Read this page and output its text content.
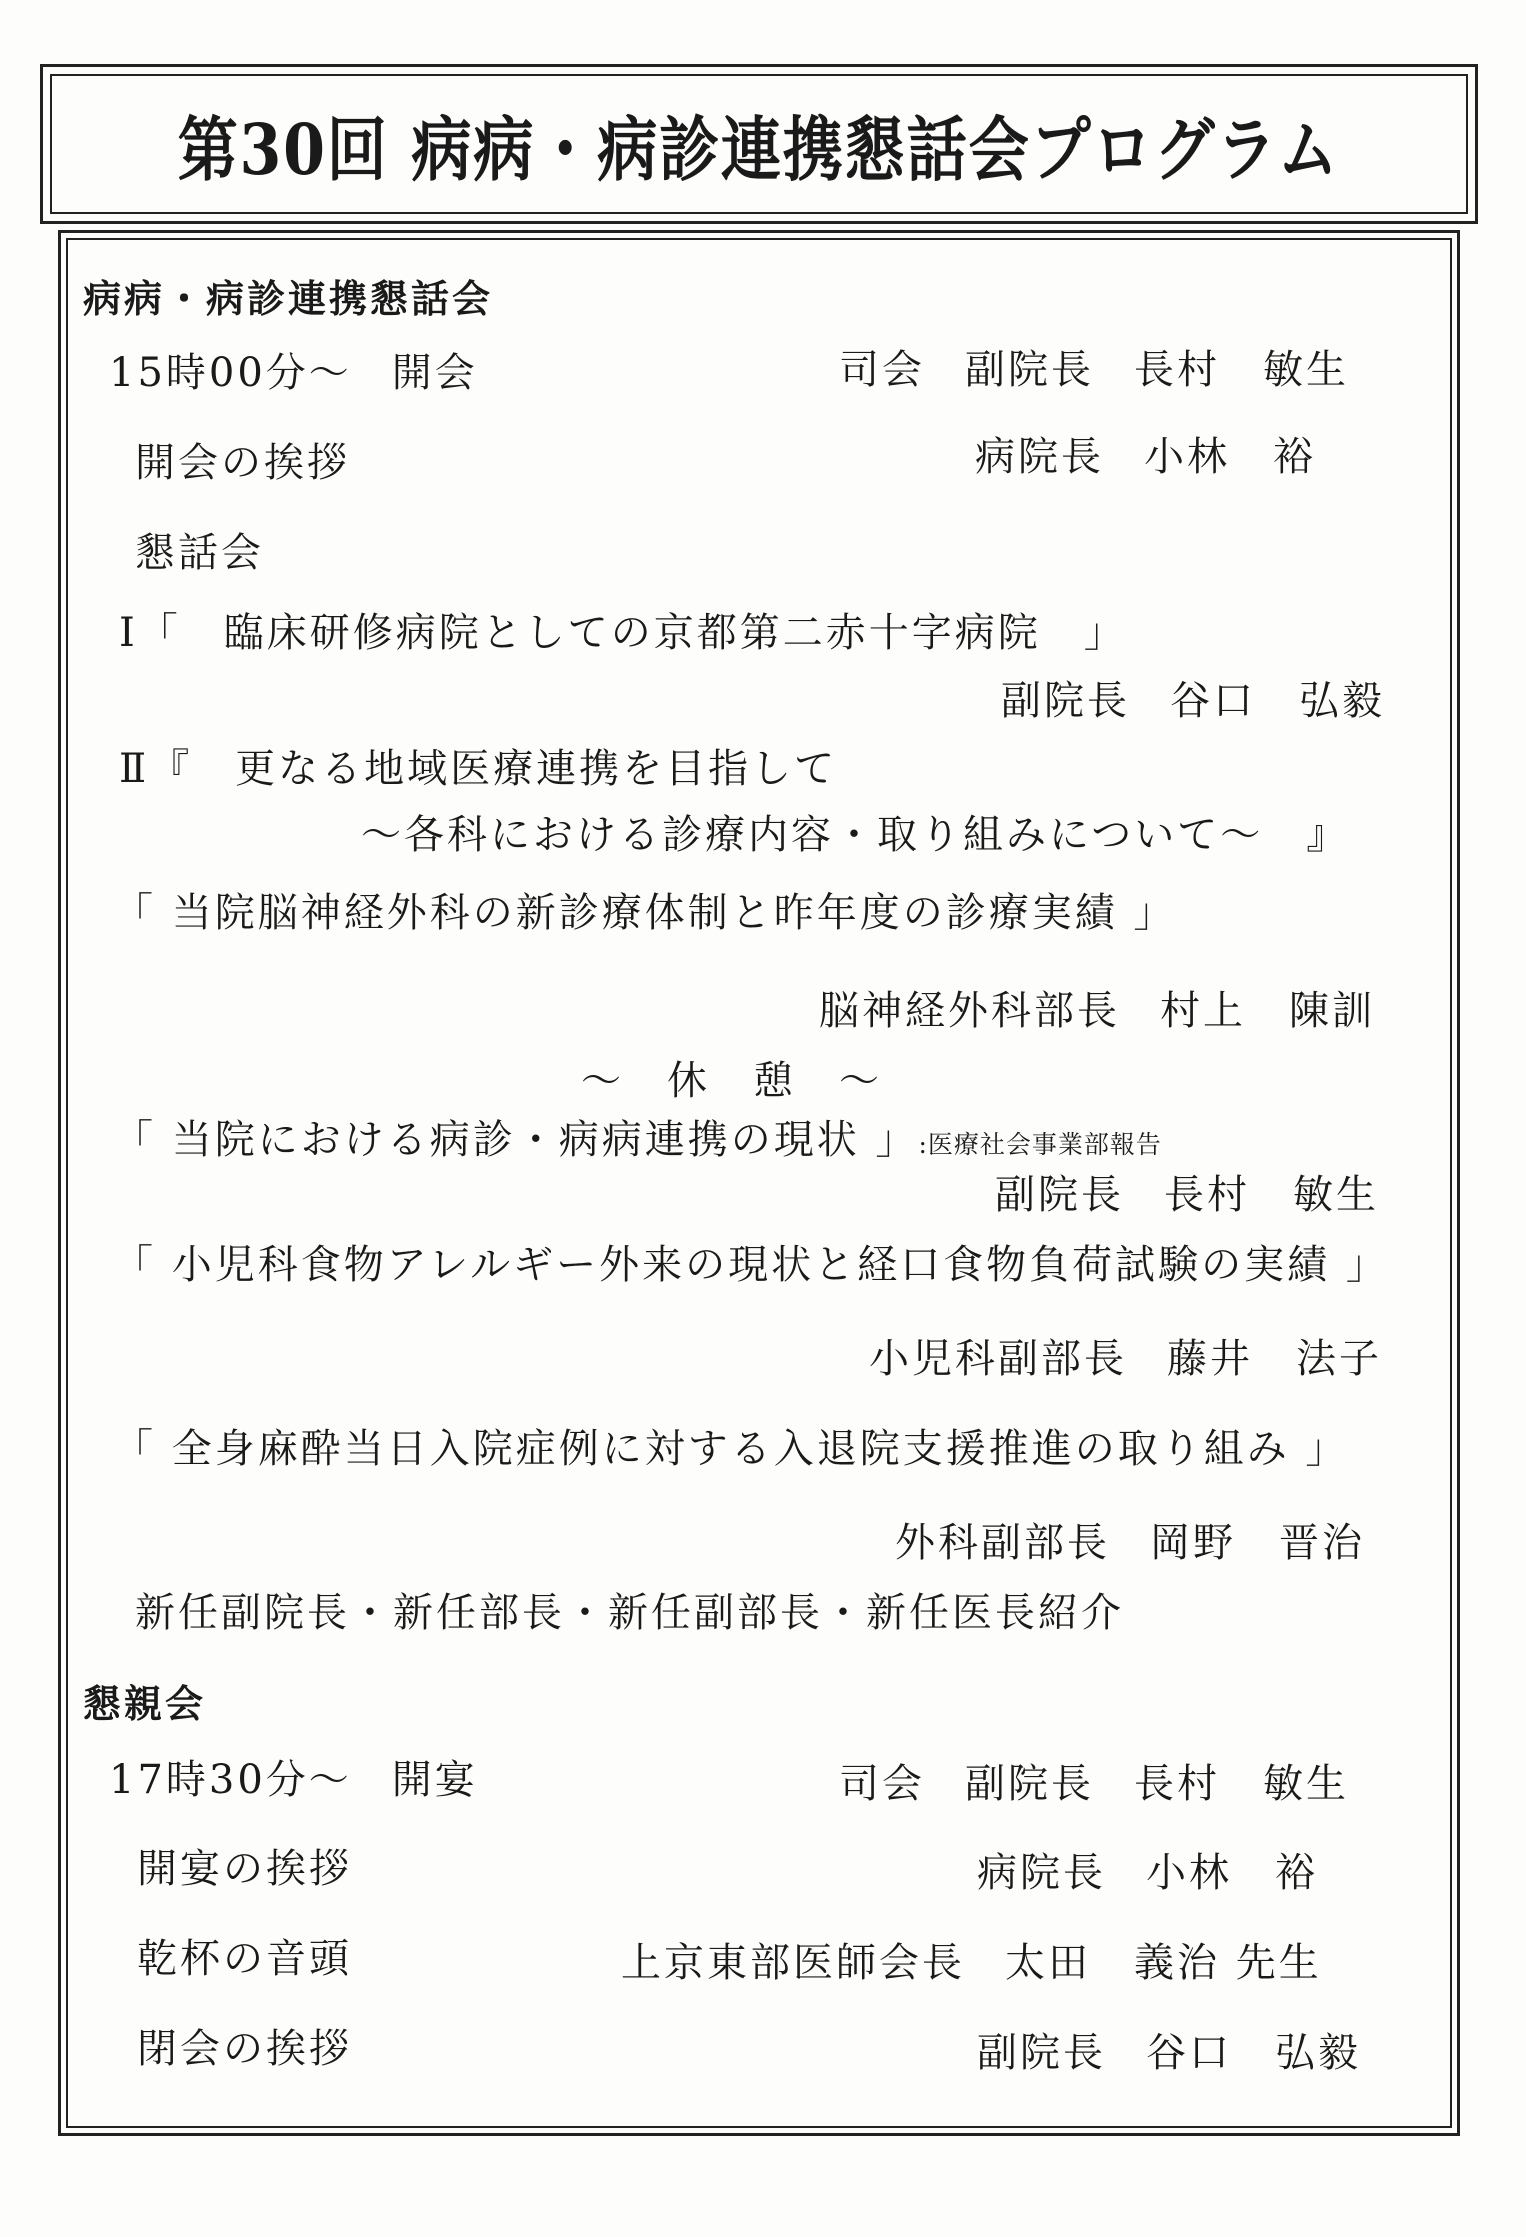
第30回 病病・病診連携懇話会プログラム
病病・病診連携懇話会
15時00分〜 開会	司会 副院長 長村　敏生
開会の挨拶	病院長 小林　裕
懇話会
Ⅰ「　臨床研修病院としての京都第二赤十字病院　」
副院長 谷口　弘毅
Ⅱ『　更なる地域医療連携を目指して
〜各科における診療内容・取り組みについて〜　』
「 当院脳神経外科の新診療体制と昨年度の診療実績 」
脳神経外科部長 村上　陳訓
〜　休　憩　〜
「 当院における病診・病病連携の現状 」:医療社会事業部報告
副院長 長村　敏生
「 小児科食物アレルギー外来の現状と経口食物負荷試験の実績 」
小児科副部長 藤井　法子
「 全身麻酔当日入院症例に対する入退院支援推進の取り組み 」
外科副部長 岡野　晋治
新任副院長・新任部長・新任副部長・新任医長紹介
懇親会
17時30分〜 開宴	司会 副院長 長村　敏生
開宴の挨拶	病院長 小林　裕
乾杯の音頭	上京東部医師会長 太田　義治 先生
閉会の挨拶	副院長 谷口　弘毅
